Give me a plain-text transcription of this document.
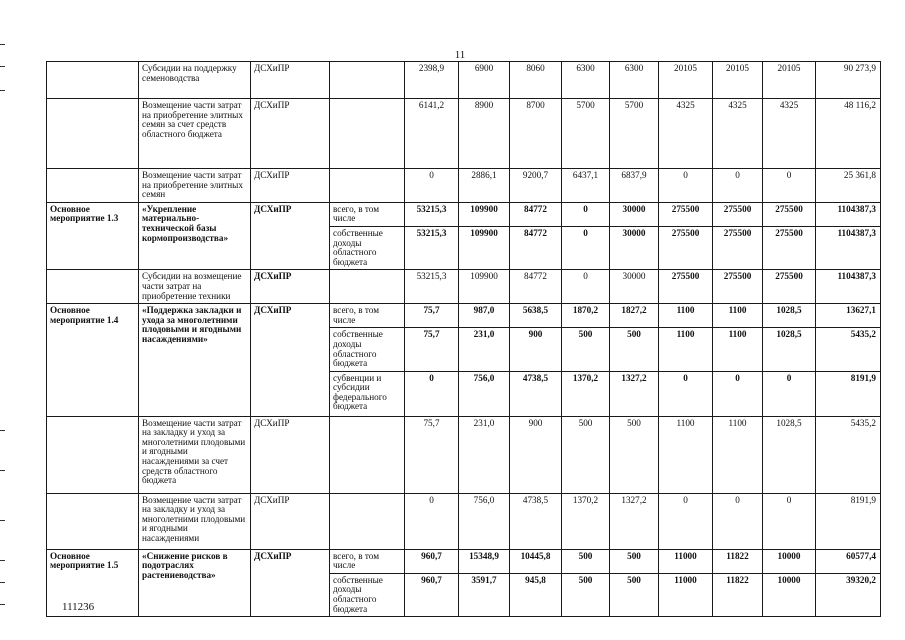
11
	Субсидии на поддержку семеноводства	ДСХиПР		2398,9	6900	8060	6300	6300	20105	20105	20105	90 273,9
	Возмещение части затрат на приобретение элитных семян за счет средств областного бюджета	ДСХиПР		6141,2	8900	8700	5700	5700	4325	4325	4325	48 116,2
	Возмещение части затрат на приобретение элитных семян	ДСХиПР		0	2886,1	9200,7	6437,1	6837,9	0	0	0	25 361,8
Основное мероприятие 1.3	«Укрепление материально-технической базы кормопроизводства»	ДСХиПР	всего, в том числе	53215,3	109900	84772	0	30000	275500	275500	275500	1104387,3
			собственные доходы областного бюджета	53215,3	109900	84772	0	30000	275500	275500	275500	1104387,3
	Субсидии на возмещение части затрат на приобретение техники	ДСХиПР		53215,3	109900	84772	0	30000	275500	275500	275500	1104387,3
Основное мероприятие 1.4	«Поддержка закладки и ухода за многолетними плодовыми и ягодными насаждениями»	ДСХиПР	всего, в том числе	75,7	987,0	5638,5	1870,2	1827,2	1100	1100	1028,5	13627,1
			собственные доходы областного бюджета	75,7	231,0	900	500	500	1100	1100	1028,5	5435,2
			субвенции и субсидии федерального бюджета	0	756,0	4738,5	1370,2	1327,2	0	0	0	8191,9
	Возмещение части затрат на закладку и уход за многолетними плодовыми и ягодными насаждениями за счет средств областного бюджета	ДСХиПР		75,7	231,0	900	500	500	1100	1100	1028,5	5435,2
	Возмещение части затрат на закладку и уход за многолетними плодовыми и ягодными насаждениями	ДСХиПР		0	756,0	4738,5	1370,2	1327,2	0	0	0	8191,9
Основное мероприятие 1.5	«Снижение рисков в подотраслях растениеводства»	ДСХиПР	всего, в том числе	960,7	15348,9	10445,8	500	500	11000	11822	10000	60577,4
			собственные доходы областного бюджета	960,7	3591,7	945,8	500	500	11000	11822	10000	39320,2
111236
